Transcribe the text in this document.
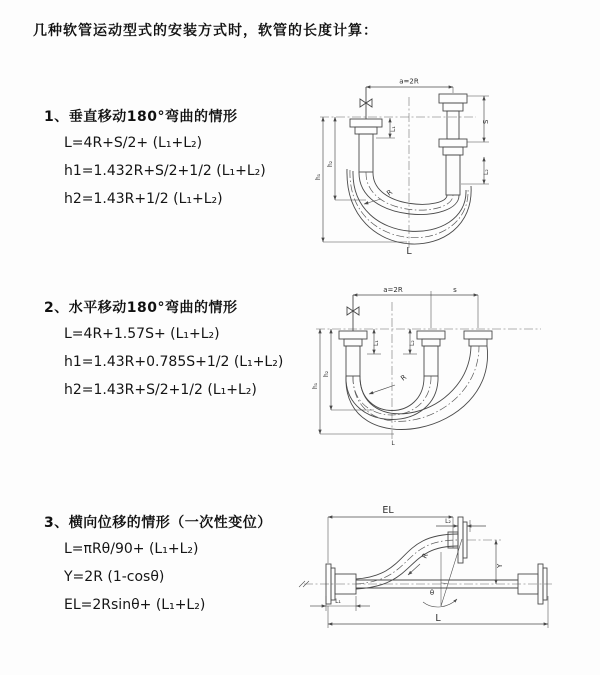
几种软管运动型式的安装方式时，软管的长度计算：
1、垂直移动180°弯曲的情形
L=4R+S/2+ (L₁+L₂)
h1=1.432R+S/2+1/2 (L₁+L₂)
h2=1.43R+1/2 (L₁+L₂)
2、水平移动180°弯曲的情形
L=4R+1.57S+ (L₁+L₂)
h1=1.43R+0.785S+1/2 (L₁+L₂)
h2=1.43R+S/2+1/2 (L₁+L₂)
3、横向位移的情形（一次性变位）
L=πRθ/90+ (L₁+L₂)
Y=2R (1-cosθ)
EL=2Rsinθ+ (L₁+L₂)
a=2R
L₁
S
L₂
R
h₁
h₂
L
a=2R	s
L₁	L₂
R
h₁
h₂
L
EL
L₂
Y
R
θ
L₁
L
